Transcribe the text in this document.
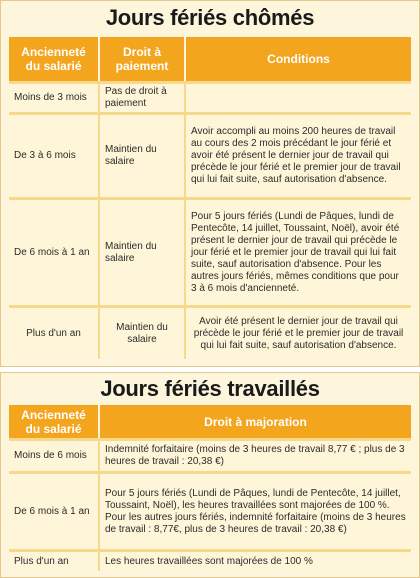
Jours fériés chômés
Ancienneté du salarié	Droit à paiement	Conditions
Moins de 3 mois	Pas de droit à paiement	
De 3 à 6 mois	Maintien du salaire	Avoir accompli au moins 200 heures de travail au cours des 2 mois précédant le jour férié et avoir été présent le dernier jour de travail qui précède le jour férié et le premier jour de travail qui lui fait suite, sauf autorisation d'absence.
De 6 mois à 1 an	Maintien du salaire	Pour 5 jours fériés (Lundi de Pâques, lundi de Pentecôte, 14 juillet, Toussaint, Noël), avoir été présent le dernier jour de travail qui précède le jour férié et le premier jour de travail qui lui fait suite, sauf autorisation d'absence. Pour les autres jours fériés, mêmes conditions que pour 3 à 6 mois d'ancienneté.
Plus d'un an	Maintien du salaire	Avoir été présent le dernier jour de travail qui précède le jour férié et le premier jour de travail qui lui fait suite, sauf autorisation d'absence.
Jours fériés travaillés
Ancienneté du salarié	Droit à majoration
Moins de 6 mois	Indemnité forfaitaire (moins de 3 heures de travail 8,77 € ; plus de 3 heures de travail : 20,38 €)
De 6 mois à 1 an	Pour 5 jours fériés (Lundi de Pâques, lundi de Pentecôte, 14 juillet, Toussaint, Noël), les heures travaillées sont majorées de 100 %. Pour les autres jours fériés, indemnité forfaitaire (moins de 3 heures de travail : 8,77€, plus de 3 heures de travail : 20,38 €)
Plus d'un an	Les heures travaillées sont majorées de 100 %
